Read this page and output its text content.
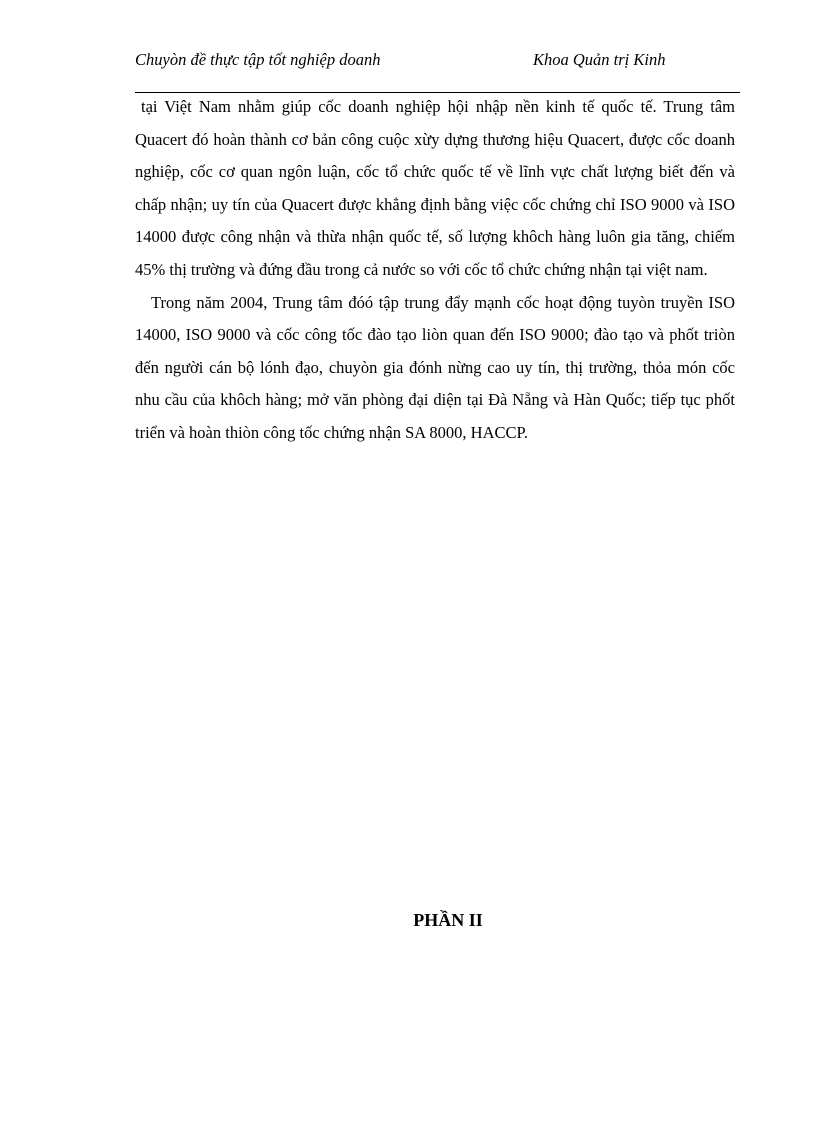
Chuyòn đề thực tập tốt nghiệp doanh	Khoa Quản trị Kinh

tại Việt Nam nhằm giúp cốc doanh nghiệp hội nhập nền kinh tế quốc tế. Trung tâm Quacert đó hoàn thành cơ bản công cuộc xừy dựng thương hiệu Quacert, được cốc doanh nghiệp, cốc cơ quan ngôn luận, cốc tổ chức quốc tế về lĩnh vực chất lượng biết đến và chấp nhận; uy tín của Quacert được khẳng định bằng việc cốc chứng chỉ ISO 9000 và ISO 14000 được công nhận và thừa nhận quốc tế, số lượng khôch hàng luôn gia tăng, chiếm 45% thị trường và đứng đầu trong cả nước so với cốc tổ chức chứng nhận tại việt nam.

Trong năm 2004, Trung tâm đóó tập trung đẩy mạnh cốc hoạt động tuyòn truyền ISO 14000, ISO 9000 và cốc công tốc đào tạo liòn quan đến ISO 9000; đào tạo và phốt triòn đến người cán bộ lónh đạo, chuyòn gia đónh nừng cao uy tín, thị trường, thỏa món cốc nhu cầu của khôch hàng; mở văn phòng đại diện tại Đà Nẵng và Hàn Quốc; tiếp tục phốt triển và hoàn thiòn công tốc chứng nhận SA 8000, HACCP.

PHẦN II
